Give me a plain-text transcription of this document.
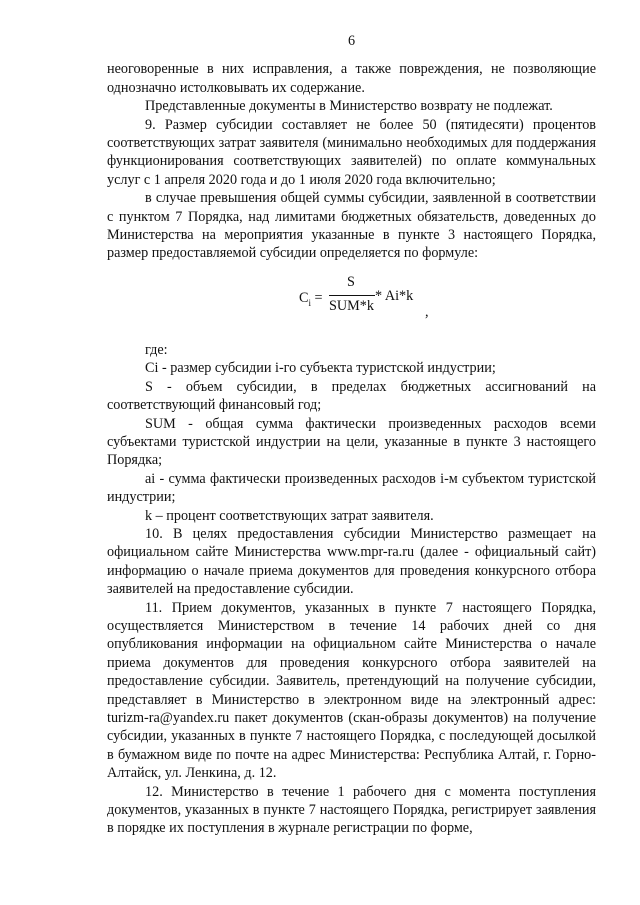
6

неоговоренные в них исправления, а также повреждения, не позволяющие однозначно истолковывать их содержание.

Представленные документы в Министерство возврату не подлежат.

9. Размер субсидии составляет не более 50 (пятидесяти) процентов соответствующих затрат заявителя (минимально необходимых для поддержания функционирования соответствующих заявителей) по оплате коммунальных услуг с 1 апреля 2020 года и до 1 июля 2020 года включительно;

в случае превышения общей суммы субсидии, заявленной в соответствии с пунктом 7 Порядка, над лимитами бюджетных обязательств, доведенных до Министерства на мероприятия указанные в пункте 3 настоящего Порядка, размер предоставляемой субсидии определяется по формуле:

$C_i$ =
S
SUM*k
* Ai*k
,

где:

Ci - размер субсидии i-го субъекта туристской индустрии;

S - объем субсидии, в пределах бюджетных ассигнований на соответствующий финансовый год;

SUM - общая сумма фактически произведенных расходов всеми субъектами туристской индустрии на цели, указанные в пункте 3 настоящего Порядка;

ai - сумма фактически произведенных расходов i-м субъектом туристской индустрии;

k – процент соответствующих затрат заявителя.

10. В целях предоставления субсидии Министерство размещает на официальном сайте Министерства www.mpr-ra.ru (далее - официальный сайт) информацию о начале приема документов для проведения конкурсного отбора заявителей на предоставление субсидии.

11. Прием документов, указанных в пункте 7 настоящего Порядка, осуществляется Министерством в течение 14 рабочих дней со дня опубликования информации на официальном сайте Министерства о начале приема документов для проведения конкурсного отбора заявителей на предоставление субсидии. Заявитель, претендующий на получение субсидии, представляет в Министерство в электронном виде на электронный адрес: turizm-ra@yandex.ru пакет документов (скан-образы документов) на получение субсидии, указанных в пункте 7 настоящего Порядка, с последующей досылкой в бумажном виде по почте на адрес Министерства: Республика Алтай, г. Горно-Алтайск, ул. Ленкина, д. 12.

12. Министерство в течение 1 рабочего дня с момента поступления документов, указанных в пункте 7 настоящего Порядка, регистрирует заявления в порядке их поступления в журнале регистрации по форме,
